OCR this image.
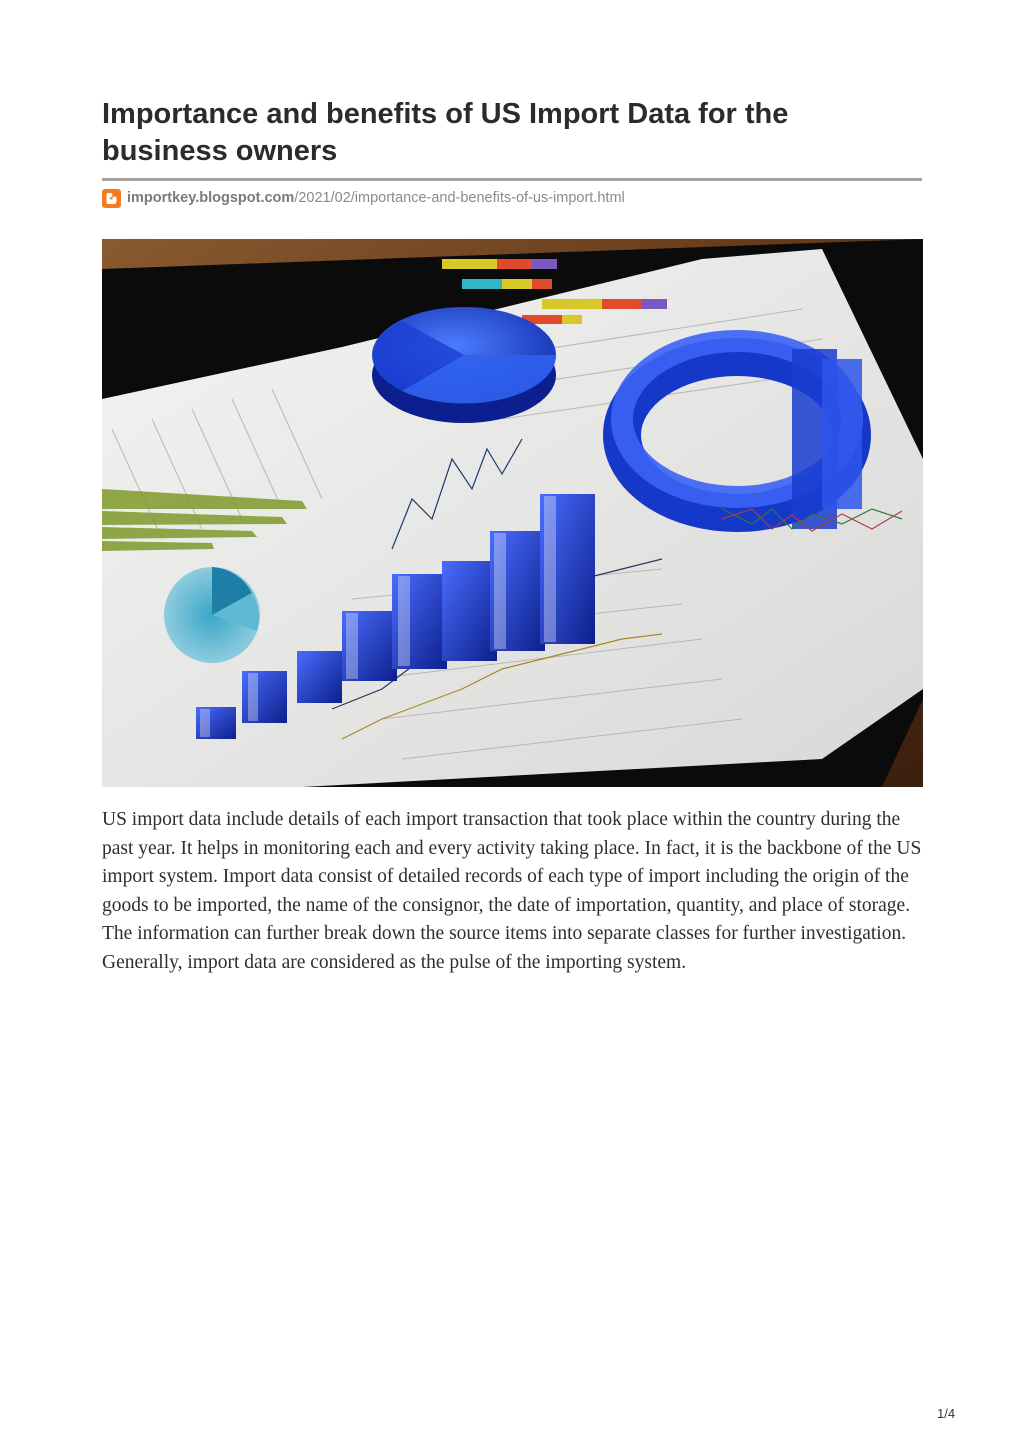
Importance and benefits of US Import Data for the business owners
importkey.blogspot.com /2021/02/importance-and-benefits-of-us-import.html

US import data include details of each import transaction that took place within the country during the past year. It helps in monitoring each and every activity taking place. In fact, it is the backbone of the US import system. Import data consist of detailed records of each type of import including the origin of the goods to be imported, the name of the consignor, the date of importation, quantity, and place of storage. The information can further break down the source items into separate classes for further investigation. Generally, import data are considered as the pulse of the importing system.

1/4
